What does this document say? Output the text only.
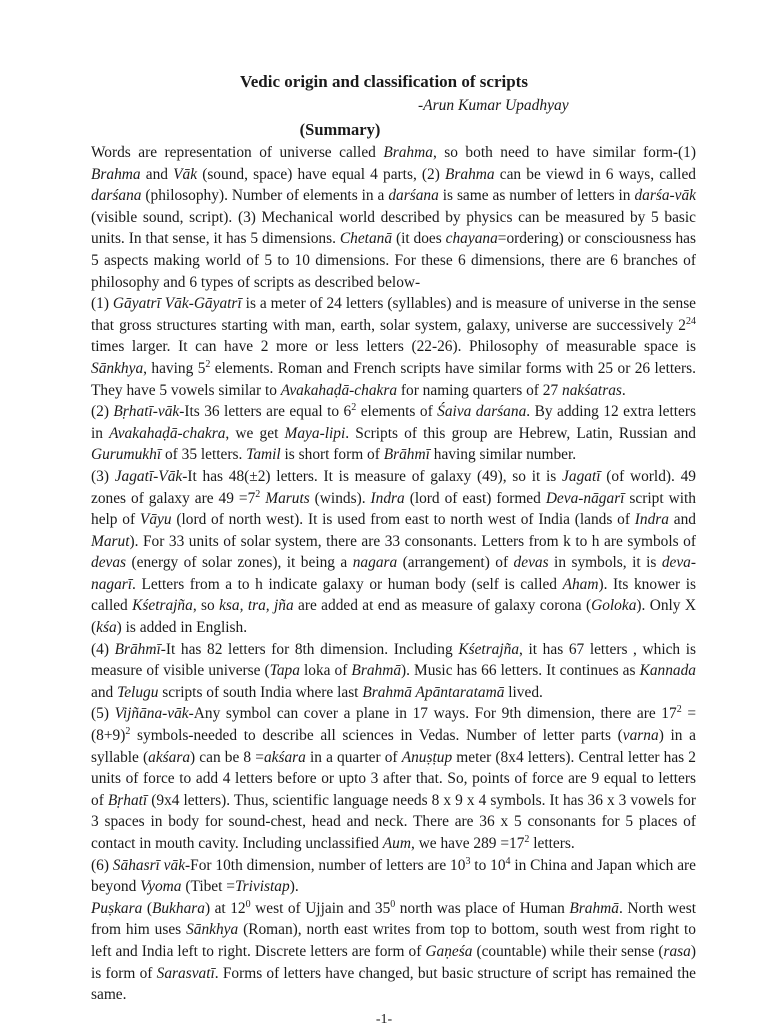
Vedic origin and classification of scripts

-Arun Kumar Upadhyay

(Summary)

Words are representation of universe called Brahma, so both need to have similar form-(1) Brahma and Vāk (sound, space) have equal 4 parts, (2) Brahma can be viewd in 6 ways, called darśana (philosophy). Number of elements in a darśana is same as number of letters in darśa-vāk (visible sound, script). (3) Mechanical world described by physics can be measured by 5 basic units. In that sense, it has 5 dimensions. Chetanā (it does chayana=ordering) or consciousness has 5 aspects making world of 5 to 10 dimensions. For these 6 dimensions, there are 6 branches of philosophy and 6 types of scripts as described below-

(1) Gāyatrī Vāk-Gāyatrī is a meter of 24 letters (syllables) and is measure of universe in the sense that gross structures starting with man, earth, solar system, galaxy, universe are successively $2^{24}$ times larger. It can have 2 more or less letters (22-26). Philosophy of measurable space is Sānkhya, having $5^2$ elements. Roman and French scripts have similar forms with 25 or 26 letters. They have 5 vowels similar to Avakahaḍā-chakra for naming quarters of 27 nakśatras.

(2) Bṛhatī-vāk-Its 36 letters are equal to $6^2$ elements of Śaiva darśana. By adding 12 extra letters in Avakahaḍā-chakra, we get Maya-lipi. Scripts of this group are Hebrew, Latin, Russian and Gurumukhī of 35 letters. Tamil is short form of Brāhmī having similar number.

(3) Jagatī-Vāk-It has 48(±2) letters. It is measure of galaxy (49), so it is Jagatī (of world). 49 zones of galaxy are $49 =7^2$ Maruts (winds). Indra (lord of east) formed Deva-nāgarī script with help of Vāyu (lord of north west). It is used from east to north west of India (lands of Indra and Marut). For 33 units of solar system, there are 33 consonants. Letters from k to h are symbols of devas (energy of solar zones), it being a nagara (arrangement) of devas in symbols, it is deva-nagarī. Letters from a to h indicate galaxy or human body (self is called Aham). Its knower is called Kśetrajña, so ksa, tra, jña are added at end as measure of galaxy corona (Goloka). Only X (kśa) is added in English.

(4) Brāhmī-It has 82 letters for 8th dimension. Including Kśetrajña, it has 67 letters , which is measure of visible universe (Tapa loka of Brahmā). Music has 66 letters. It continues as Kannada and Telugu scripts of south India where last Brahmā Apāntaratamā lived.

(5) Vijñāna-vāk-Any symbol can cover a plane in 17 ways. For 9th dimension, there are $17^2 = (8+9)^2$ symbols-needed to describe all sciences in Vedas. Number of letter parts (varna) in a syllable (akśara) can be 8 =akśara in a quarter of Anuṣṭup meter (8x4 letters). Central letter has 2 units of force to add 4 letters before or upto 3 after that. So, points of force are 9 equal to letters of Bṛhatī (9x4 letters). Thus, scientific language needs 8 x 9 x 4 symbols. It has 36 x 3 vowels for 3 spaces in body for sound-chest, head and neck. There are 36 x 5 consonants for 5 places of contact in mouth cavity. Including unclassified Aum, we have $289 =17^2$ letters.

(6) Sāhasrī vāk-For 10th dimension, number of letters are $10^3$ to $10^4$ in China and Japan which are beyond Vyoma (Tibet =Trivistap).

Puṣkara (Bukhara) at $12^0$ west of Ujjain and $35^0$ north was place of Human Brahmā. North west from him uses Sānkhya (Roman), north east writes from top to bottom, south west from right to left and India left to right. Discrete letters are form of Gaṇeśa (countable) while their sense (rasa) is form of Sarasvatī. Forms of letters have changed, but basic structure of script has remained the same.

-1-
